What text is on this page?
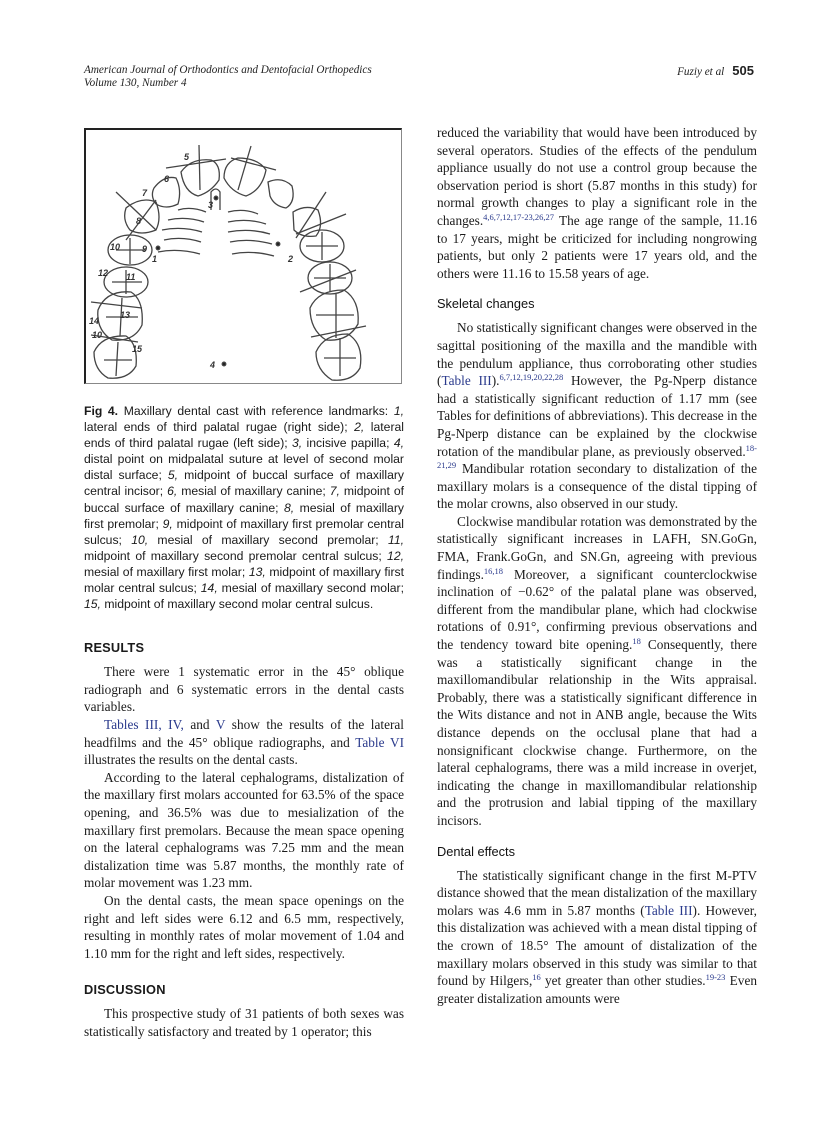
American Journal of Orthodontics and Dentofacial Orthopedics
Volume 130, Number 4
Fuziy et al 505
5
6
7
8
10 9
1
3
2
12 11
13
14
10
15
4
Fig 4. Maxillary dental cast with reference landmarks: 1, lateral ends of third palatal rugae (right side); 2, lateral ends of third palatal rugae (left side); 3, incisive papilla; 4, distal point on midpalatal suture at level of second molar distal surface; 5, midpoint of buccal surface of maxillary central incisor; 6, mesial of maxillary canine; 7, midpoint of buccal surface of maxillary canine; 8, mesial of maxillary first premolar; 9, midpoint of maxillary first premolar central sulcus; 10, mesial of maxillary second premolar; 11, midpoint of maxillary second premolar central sulcus; 12, mesial of maxillary first molar; 13, midpoint of maxillary first molar central sulcus; 14, mesial of maxillary second molar; 15, midpoint of maxillary second molar central sulcus.
RESULTS

There were 1 systematic error in the 45° oblique radiograph and 6 systematic errors in the dental casts variables.

Tables III, IV, and V show the results of the lateral headfilms and the 45° oblique radiographs, and Table VI illustrates the results on the dental casts.

According to the lateral cephalograms, distalization of the maxillary first molars accounted for 63.5% of the space opening, and 36.5% was due to mesialization of the maxillary first premolars. Because the mean space opening on the lateral cephalograms was 7.25 mm and the mean distalization time was 5.87 months, the monthly rate of molar movement was 1.23 mm.

On the dental casts, the mean space openings on the right and left sides were 6.12 and 6.5 mm, respectively, resulting in monthly rates of molar movement of 1.04 and 1.10 mm for the right and left sides, respectively.

DISCUSSION

This prospective study of 31 patients of both sexes was statistically satisfactory and treated by 1 operator; this

reduced the variability that would have been introduced by several operators. Studies of the effects of the pendulum appliance usually do not use a control group because the observation period is short (5.87 months in this study) for normal growth changes to play a significant role in the changes.$^{4,6,7,12,17-23,26,27}$ The age range of the sample, 11.16 to 17 years, might be criticized for including nongrowing patients, but only 2 patients were 17 years old, and the others were 11.16 to 15.58 years of age.

Skeletal changes

No statistically significant changes were observed in the sagittal positioning of the maxilla and the mandible with the pendulum appliance, thus corroborating other studies (Table III).$^{6,7,12,19,20,22,28}$ However, the Pg-Nperp distance had a statistically significant reduction of 1.17 mm (see Tables for definitions of abbreviations). This decrease in the Pg-Nperp distance can be explained by the clockwise rotation of the mandibular plane, as previously observed.$^{18-21,29}$ Mandibular rotation secondary to distalization of the maxillary molars is a consequence of the distal tipping of the molar crowns, also observed in our study.

Clockwise mandibular rotation was demonstrated by the statistically significant increases in LAFH, SN.GoGn, FMA, Frank.GoGn, and SN.Gn, agreeing with previous findings.$^{16,18}$ Moreover, a significant counterclockwise inclination of −0.62° of the palatal plane was observed, different from the mandibular plane, which had clockwise rotations of 0.91°, confirming previous observations and the tendency toward bite opening.$^{18}$ Consequently, there was a statistically significant change in the maxillomandibular relationship in the Wits appraisal. Probably, there was a statistically significant difference in the Wits distance and not in ANB angle, because the Wits distance depends on the occlusal plane that had a nonsignificant clockwise change. Furthermore, on the lateral cephalograms, there was a mild increase in overjet, indicating the change in maxillomandibular relationship and the protrusion and labial tipping of the maxillary incisors.

Dental effects

The statistically significant change in the first M-PTV distance showed that the mean distalization of the maxillary molars was 4.6 mm in 5.87 months (Table III). However, this distalization was achieved with a mean distal tipping of the crown of 18.5° The amount of distalization of the maxillary molars observed in this study was similar to that found by Hilgers,$^{16}$ yet greater than other studies.$^{19-23}$ Even greater distalization amounts were
